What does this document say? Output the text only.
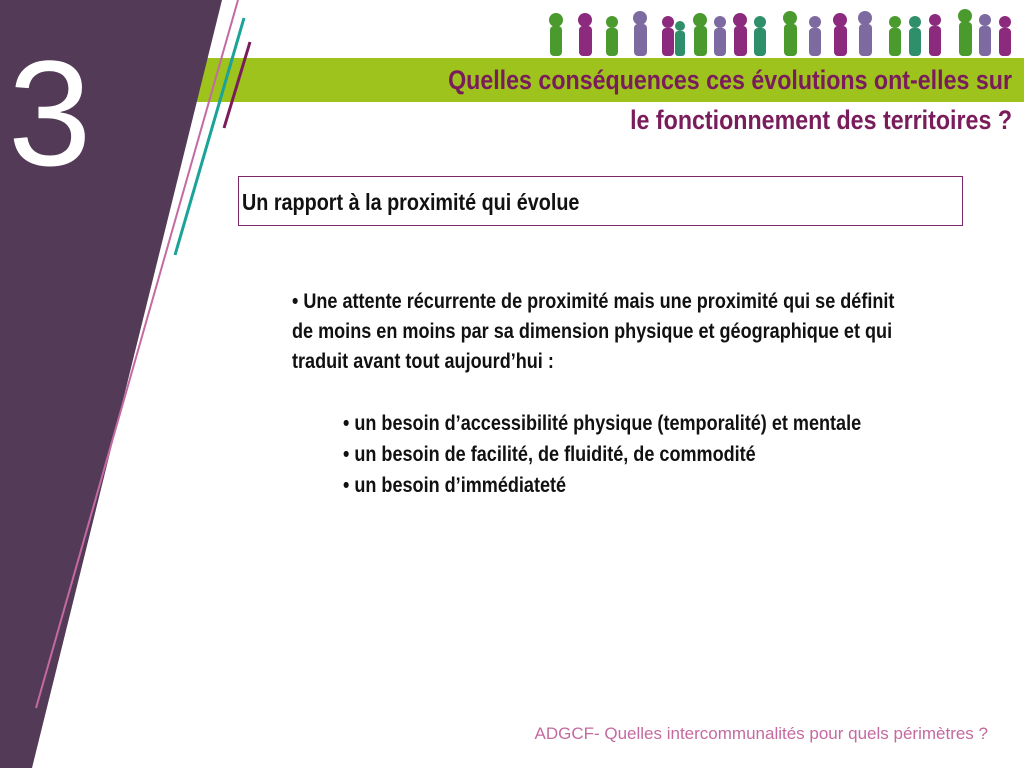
3	Quelles conséquences ces évolutions ont-elles sur
le fonctionnement des territoires ?

Un rapport à la proximité qui évolue

• Une attente récurrente de proximité mais une proximité qui se définit
de moins en moins par sa dimension physique et géographique et qui
traduit avant tout aujourd’hui :

• un besoin d’accessibilité physique (temporalité) et mentale
• un besoin de facilité, de fluidité, de commodité
• un besoin d’immédiateté

ADGCF- Quelles intercommunalités pour quels périmètres ?
